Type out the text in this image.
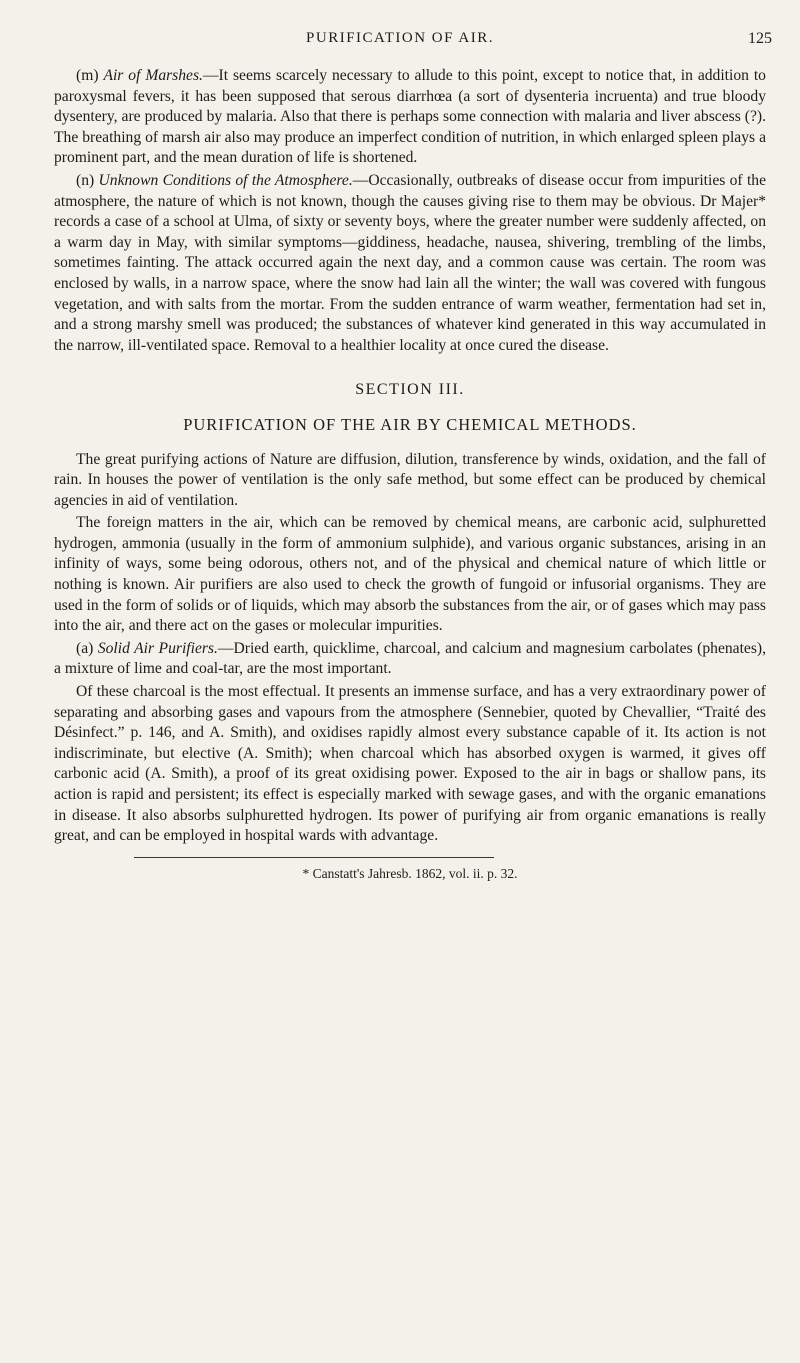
PURIFICATION OF AIR.	125

(m) Air of Marshes.—It seems scarcely necessary to allude to this point, except to notice that, in addition to paroxysmal fevers, it has been supposed that serous diarrhœa (a sort of dysenteria incruenta) and true bloody dysentery, are produced by malaria. Also that there is perhaps some connection with malaria and liver abscess (?). The breathing of marsh air also may produce an imperfect condition of nutrition, in which enlarged spleen plays a prominent part, and the mean duration of life is shortened.

(n) Unknown Conditions of the Atmosphere.—Occasionally, outbreaks of disease occur from impurities of the atmosphere, the nature of which is not known, though the causes giving rise to them may be obvious. Dr Majer* records a case of a school at Ulma, of sixty or seventy boys, where the greater number were suddenly affected, on a warm day in May, with similar symptoms—giddiness, headache, nausea, shivering, trembling of the limbs, sometimes fainting. The attack occurred again the next day, and a common cause was certain. The room was enclosed by walls, in a narrow space, where the snow had lain all the winter; the wall was covered with fungous vegetation, and with salts from the mortar. From the sudden entrance of warm weather, fermentation had set in, and a strong marshy smell was produced; the substances of whatever kind generated in this way accumulated in the narrow, ill-ventilated space. Removal to a healthier locality at once cured the disease.

SECTION III.
PURIFICATION OF THE AIR BY CHEMICAL METHODS.

The great purifying actions of Nature are diffusion, dilution, transference by winds, oxidation, and the fall of rain. In houses the power of ventilation is the only safe method, but some effect can be produced by chemical agencies in aid of ventilation.

The foreign matters in the air, which can be removed by chemical means, are carbonic acid, sulphuretted hydrogen, ammonia (usually in the form of ammonium sulphide), and various organic substances, arising in an infinity of ways, some being odorous, others not, and of the physical and chemical nature of which little or nothing is known. Air purifiers are also used to check the growth of fungoid or infusorial organisms. They are used in the form of solids or of liquids, which may absorb the substances from the air, or of gases which may pass into the air, and there act on the gases or molecular impurities.

(a) Solid Air Purifiers.—Dried earth, quicklime, charcoal, and calcium and magnesium carbolates (phenates), a mixture of lime and coal-tar, are the most important.

Of these charcoal is the most effectual. It presents an immense surface, and has a very extraordinary power of separating and absorbing gases and vapours from the atmosphere (Sennebier, quoted by Chevallier, “Traité des Désinfect.” p. 146, and A. Smith), and oxidises rapidly almost every substance capable of it. Its action is not indiscriminate, but elective (A. Smith); when charcoal which has absorbed oxygen is warmed, it gives off carbonic acid (A. Smith), a proof of its great oxidising power. Exposed to the air in bags or shallow pans, its action is rapid and persistent; its effect is especially marked with sewage gases, and with the organic emanations in disease. It also absorbs sulphuretted hydrogen. Its power of purifying air from organic emanations is really great, and can be employed in hospital wards with advantage.

* Canstatt's Jahresb. 1862, vol. ii. p. 32.
